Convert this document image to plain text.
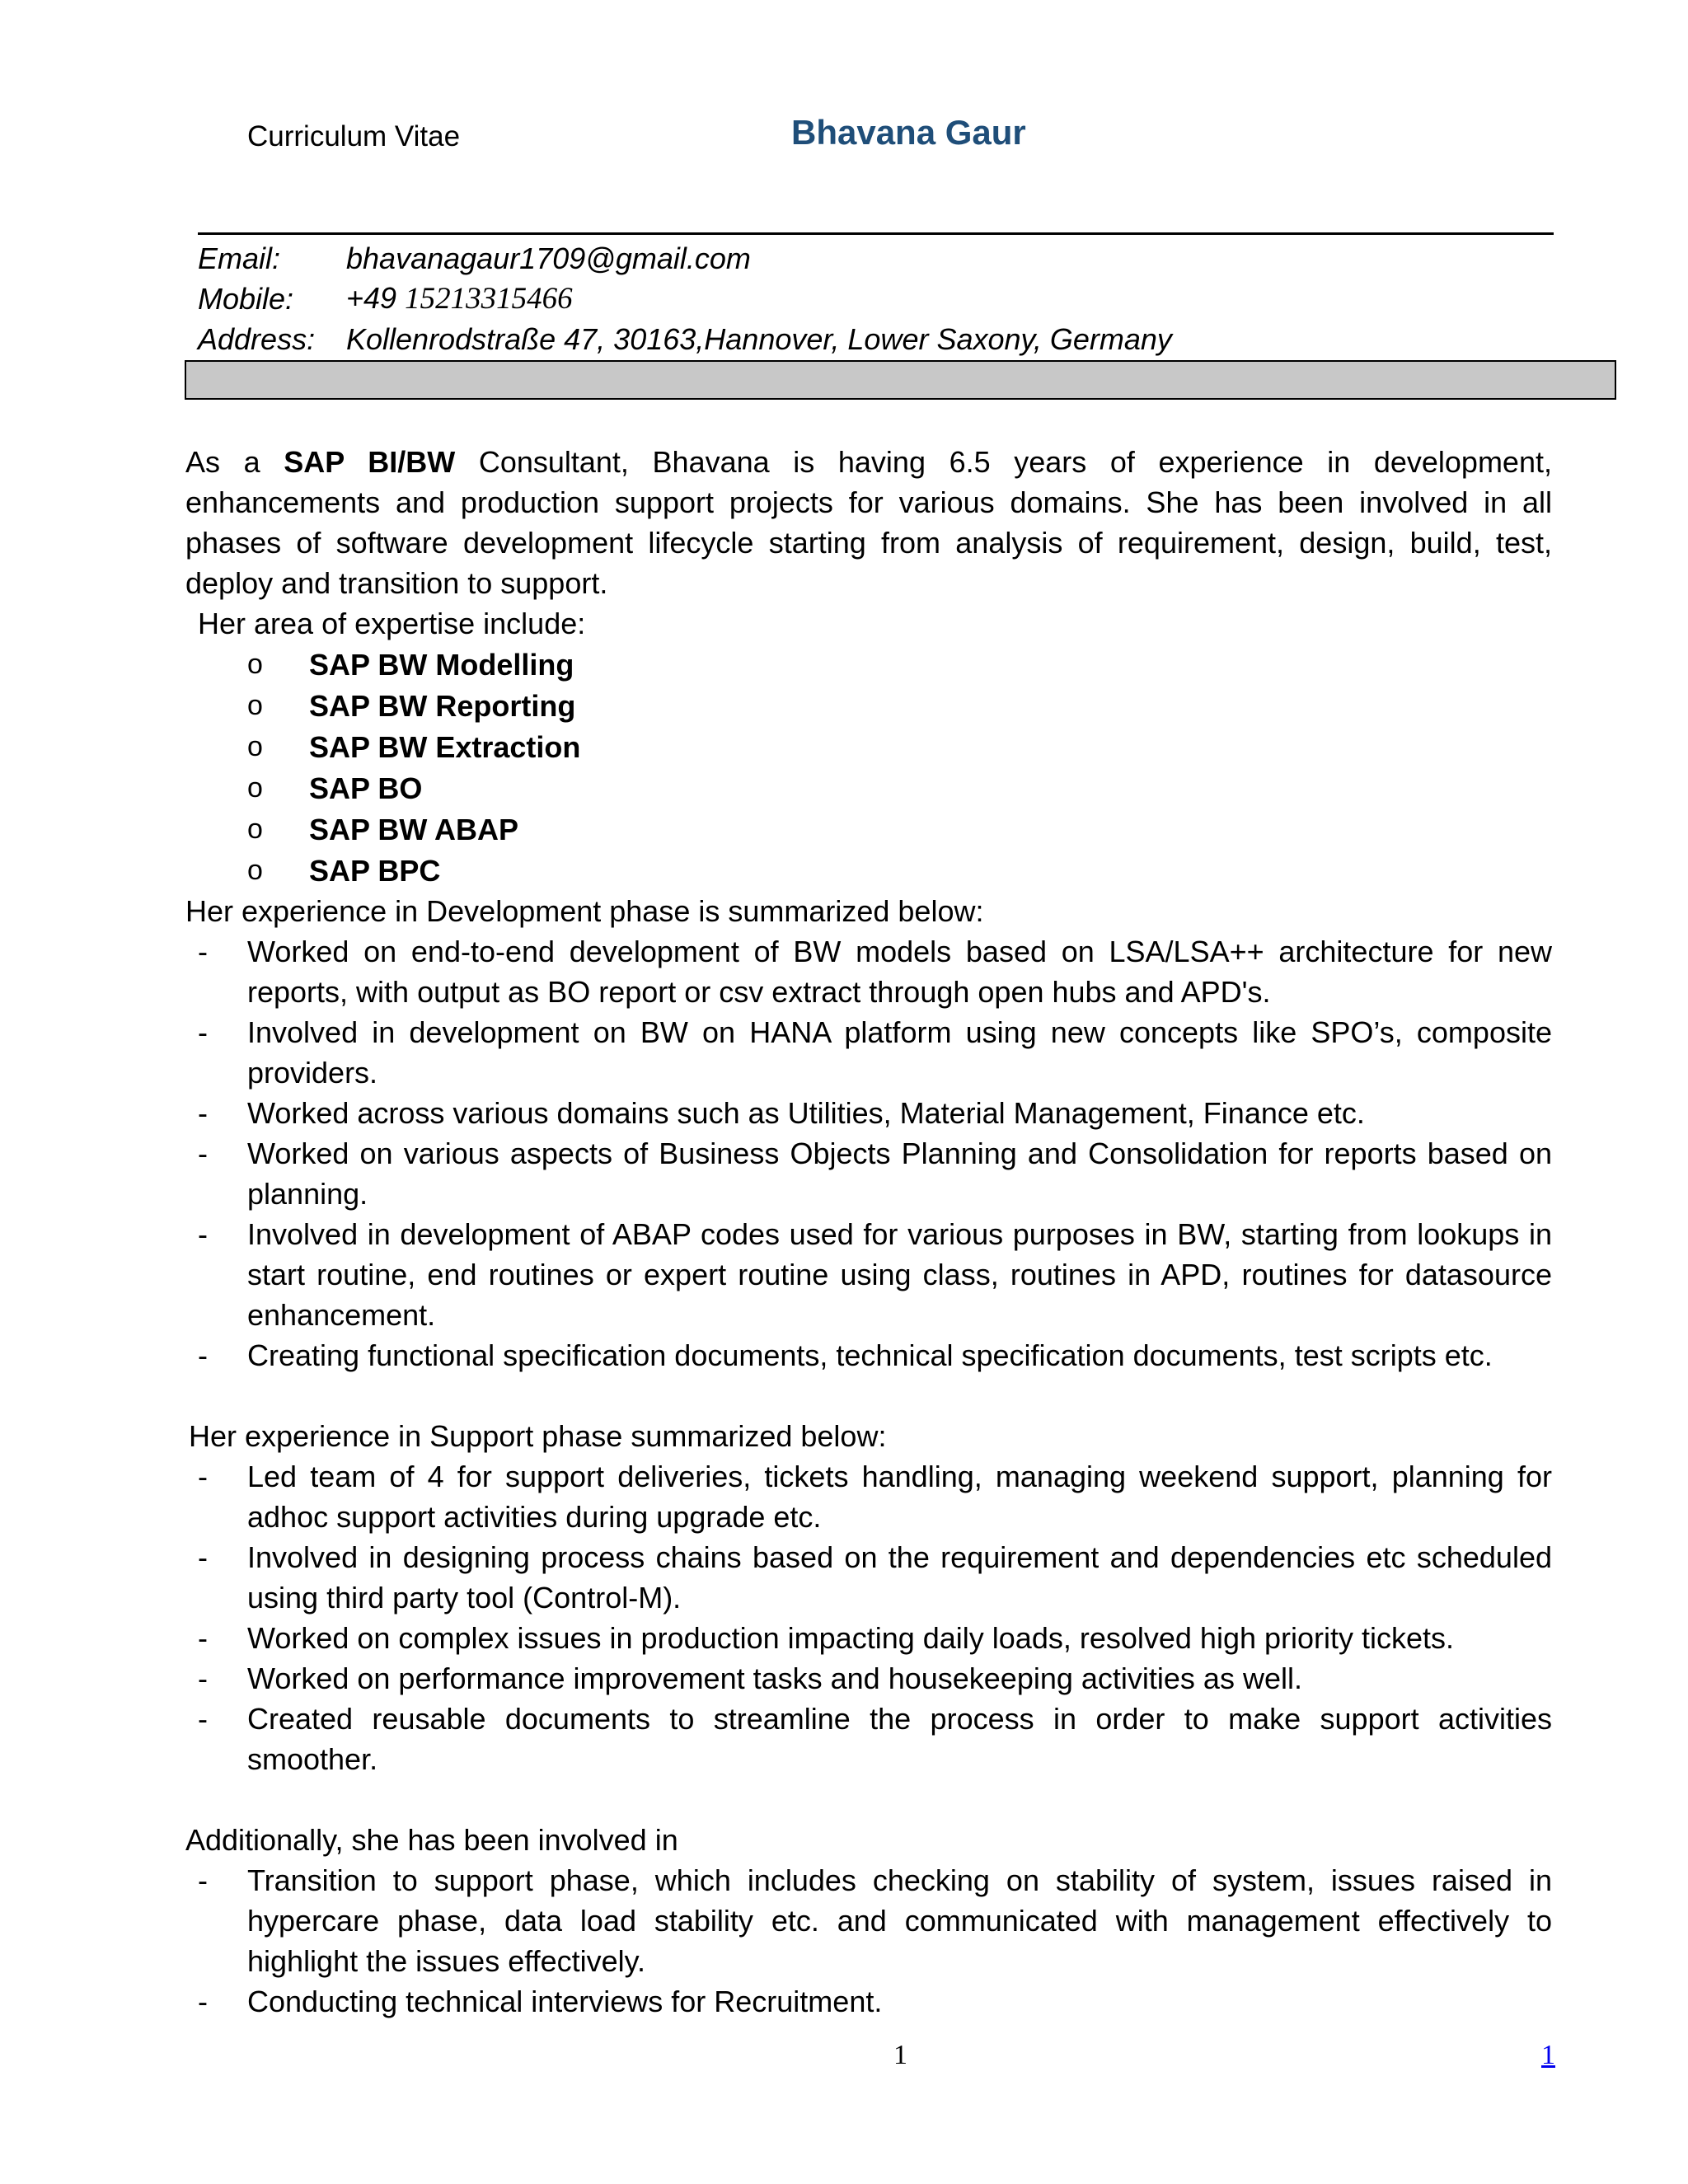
Curriculum Vitae	Bhavana Gaur
Email:	bhavanagaur1709@gmail.com
Mobile:	+49 15213315466
Address:	Kollenrodstraße 47, 30163,Hannover, Lower Saxony, Germany

As a SAP BI/BW Consultant, Bhavana is having 6.5 years of experience in development, enhancements and production support projects for various domains. She has been involved in all phases of software development lifecycle starting from analysis of requirement, design, build, test, deploy and transition to support.

Her area of expertise include:

o	SAP BW Modelling
o	SAP BW Reporting
o	SAP BW Extraction
o	SAP BO
o	SAP BW ABAP
o	SAP BPC

Her experience in Development phase is summarized below:

- Worked on end-to-end development of BW models based on LSA/LSA++ architecture for new reports, with output as BO report or csv extract through open hubs and APD's.
- Involved in development on BW on HANA platform using new concepts like SPO’s, composite providers.
- Worked across various domains such as Utilities, Material Management, Finance etc.
- Worked on various aspects of Business Objects Planning and Consolidation for reports based on planning.
- Involved in development of ABAP codes used for various purposes in BW, starting from lookups in start routine, end routines or expert routine using class, routines in APD, routines for datasource enhancement.
- Creating functional specification documents, technical specification documents, test scripts etc.

Her experience in Support phase summarized below:

- Led team of 4 for support deliveries, tickets handling, managing weekend support, planning for adhoc support activities during upgrade etc.
- Involved in designing process chains based on the requirement and dependencies etc scheduled using third party tool (Control-M).
- Worked on complex issues in production impacting daily loads, resolved high priority tickets.
- Worked on performance improvement tasks and housekeeping activities as well.
- Created reusable documents to streamline the process in order to make support activities smoother.

Additionally, she has been involved in

- Transition to support phase, which includes checking on stability of system, issues raised in hypercare phase, data load stability etc. and communicated with management effectively to highlight the issues effectively.
- Conducting technical interviews for Recruitment.
1	1
